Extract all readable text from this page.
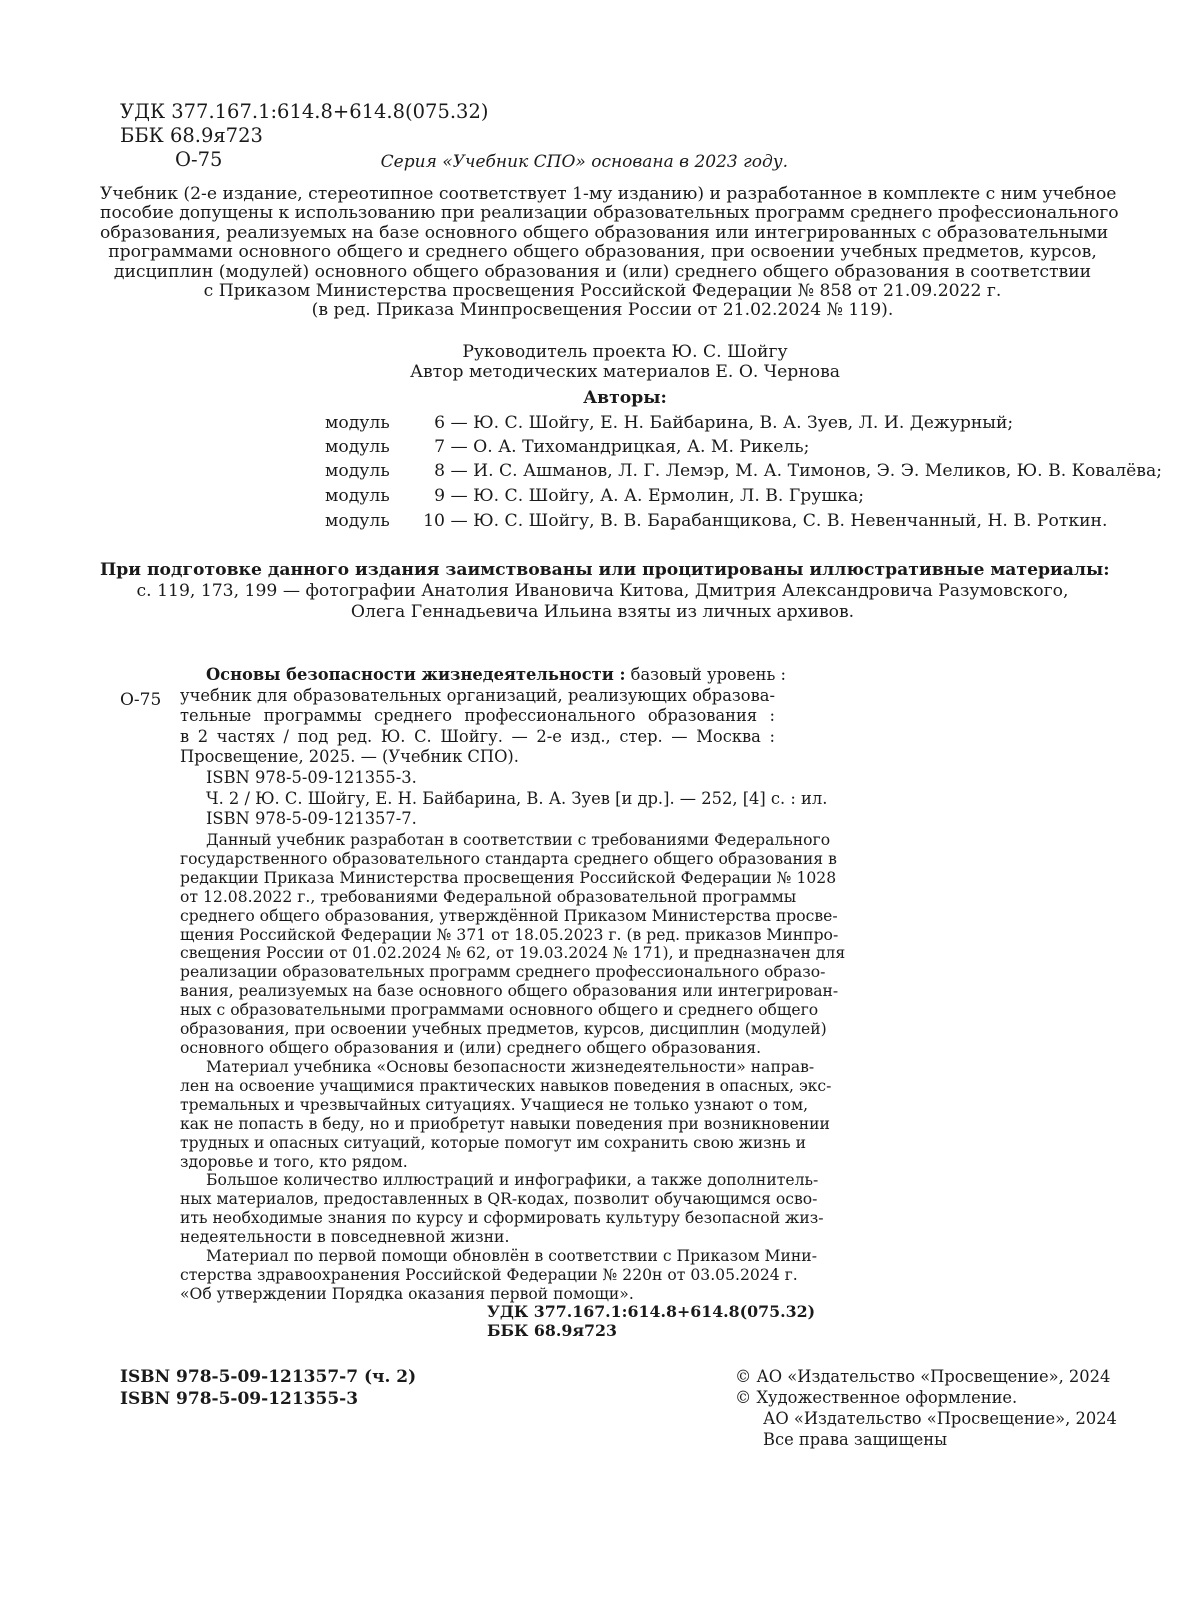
УДК 377.167.1:614.8+614.8(075.32)
ББК 68.9я723
О-75	Серия «Учебник СПО» основана в 2023 году.
Учебник (2-е издание, стереотипное соответствует 1-му изданию) и разработанное в комплекте с ним учебное
пособие допущены к использованию при реализации образовательных программ среднего профессионального
образования, реализуемых на базе основного общего образования или интегрированных с образовательными
программами основного общего и среднего общего образования, при освоении учебных предметов, курсов,
дисциплин (модулей) основного общего образования и (или) среднего общего образования в соответствии
с Приказом Министерства просвещения Российской Федерации № 858 от 21.09.2022 г.
(в ред. Приказа Минпросвещения России от 21.02.2024 № 119).
Руководитель проекта Ю. С. Шойгу
Автор методических материалов Е. О. Чернова
Авторы:
модуль	6 — Ю. С. Шойгу, Е. Н. Байбарина, В. А. Зуев, Л. И. Дежурный;
модуль	7 — О. А. Тихомандрицкая, А. М. Рикель;
модуль	8 — И. С. Ашманов, Л. Г. Лемэр, М. А. Тимонов, Э. Э. Меликов, Ю. В. Ковалёва;
модуль	9 — Ю. С. Шойгу, А. А. Ермолин, Л. В. Грушка;
модуль 10 — Ю. С. Шойгу, В. В. Барабанщикова, С. В. Невенчанный, Н. В. Роткин.
При подготовке данного издания заимствованы или процитированы иллюстративные материалы:
с. 119, 173, 199 — фотографии Анатолия Ивановича Китова, Дмитрия Александровича Разумовского,
Олега Геннадьевича Ильина взяты из личных архивов.
О-75
Основы безопасности жизнедеятельности : базовый уровень :
учебник для образовательных организаций, реализующих образова-
тельные программы среднего профессионального образования :
в 2 частях / под ред. Ю. С. Шойгу. — 2-е изд., стер. — Москва :
Просвещение, 2025. — (Учебник СПО).
ISBN 978-5-09-121355-3.
Ч. 2 / Ю. С. Шойгу, Е. Н. Байбарина, В. А. Зуев [и др.]. — 252, [4] с. : ил.
ISBN 978-5-09-121357-7.
Данный учебник разработан в соответствии с требованиями Федерального
государственного образовательного стандарта среднего общего образования в
редакции Приказа Министерства просвещения Российской Федерации № 1028
от 12.08.2022 г., требованиями Федеральной образовательной программы
среднего общего образования, утверждённой Приказом Министерства просве-
щения Российской Федерации № 371 от 18.05.2023 г. (в ред. приказов Минпро-
свещения России от 01.02.2024 № 62, от 19.03.2024 № 171), и предназначен для
реализации образовательных программ среднего профессионального образо-
вания, реализуемых на базе основного общего образования или интегрирован-
ных с образовательными программами основного общего и среднего общего
образования, при освоении учебных предметов, курсов, дисциплин (модулей)
основного общего образования и (или) среднего общего образования.
Материал учебника «Основы безопасности жизнедеятельности» направ-
лен на освоение учащимися практических навыков поведения в опасных, экс-
тремальных и чрезвычайных ситуациях. Учащиеся не только узнают о том,
как не попасть в беду, но и приобретут навыки поведения при возникновении
трудных и опасных ситуаций, которые помогут им сохранить свою жизнь и
здоровье и того, кто рядом.
Большое количество иллюстраций и инфографики, а также дополнитель-
ных материалов, предоставленных в QR-кодах, позволит обучающимся осво-
ить необходимые знания по курсу и сформировать культуру безопасной жиз-
недеятельности в повседневной жизни.
Материал по первой помощи обновлён в соответствии с Приказом Мини-
стерства здравоохранения Российской Федерации № 220н от 03.05.2024 г.
«Об утверждении Порядка оказания первой помощи».
УДК 377.167.1:614.8+614.8(075.32)
ББК 68.9я723
ISBN 978-5-09-121357-7 (ч. 2)
ISBN 978-5-09-121355-3
© АО «Издательство «Просвещение», 2024
© Художественное оформление.
АО «Издательство «Просвещение», 2024
Все права защищены
